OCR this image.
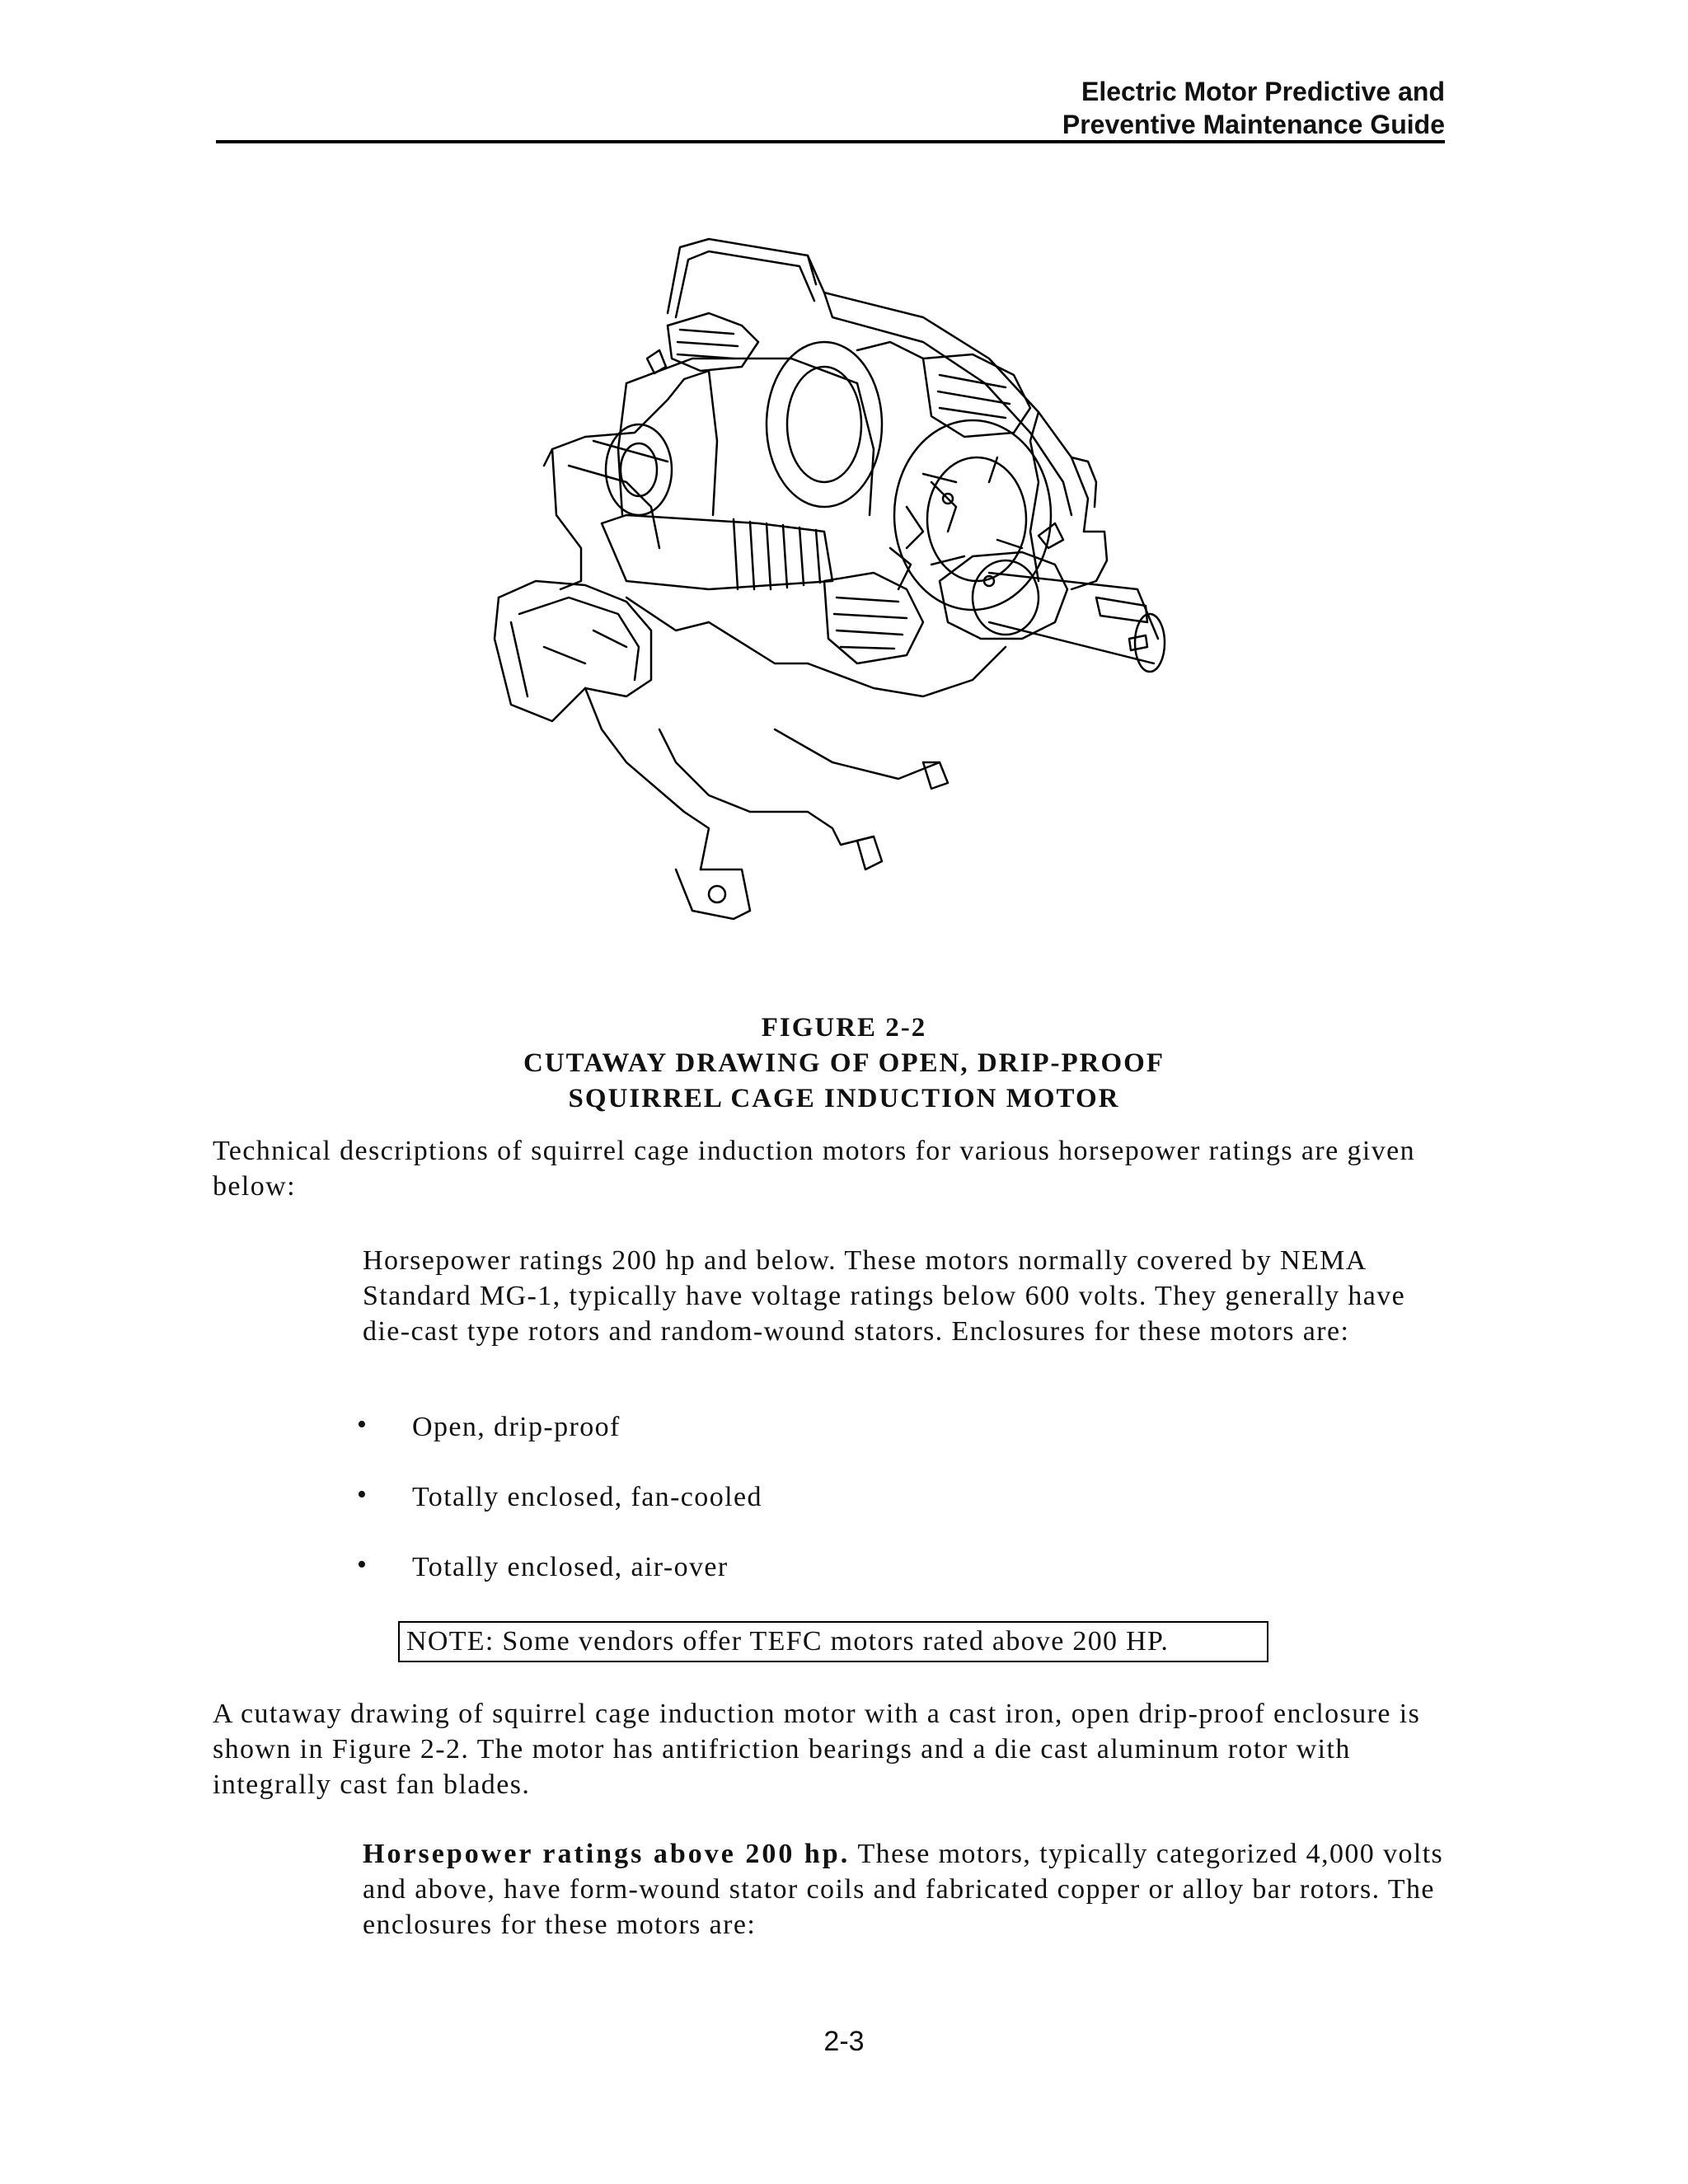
Electric Motor Predictive and
Preventive Maintenance Guide
FIGURE 2-2
CUTAWAY DRAWING OF OPEN, DRIP-PROOF
SQUIRREL CAGE INDUCTION MOTOR
Technical descriptions of squirrel cage induction motors for various horsepower ratings are given below:
Horsepower ratings 200 hp and below. These motors normally covered by NEMA Standard MG-1, typically have voltage ratings below 600 volts. They generally have die-cast type rotors and random-wound stators. Enclosures for these motors are:
• Open, drip-proof
• Totally enclosed, fan-cooled
• Totally enclosed, air-over
NOTE: Some vendors offer TEFC motors rated above 200 HP.
A cutaway drawing of squirrel cage induction motor with a cast iron, open drip-proof enclosure is shown in Figure 2-2. The motor has antifriction bearings and a die cast aluminum rotor with integrally cast fan blades.
Horsepower ratings above 200 hp. These motors, typically categorized 4,000 volts and above, have form-wound stator coils and fabricated copper or alloy bar rotors. The enclosures for these motors are:
2-3
